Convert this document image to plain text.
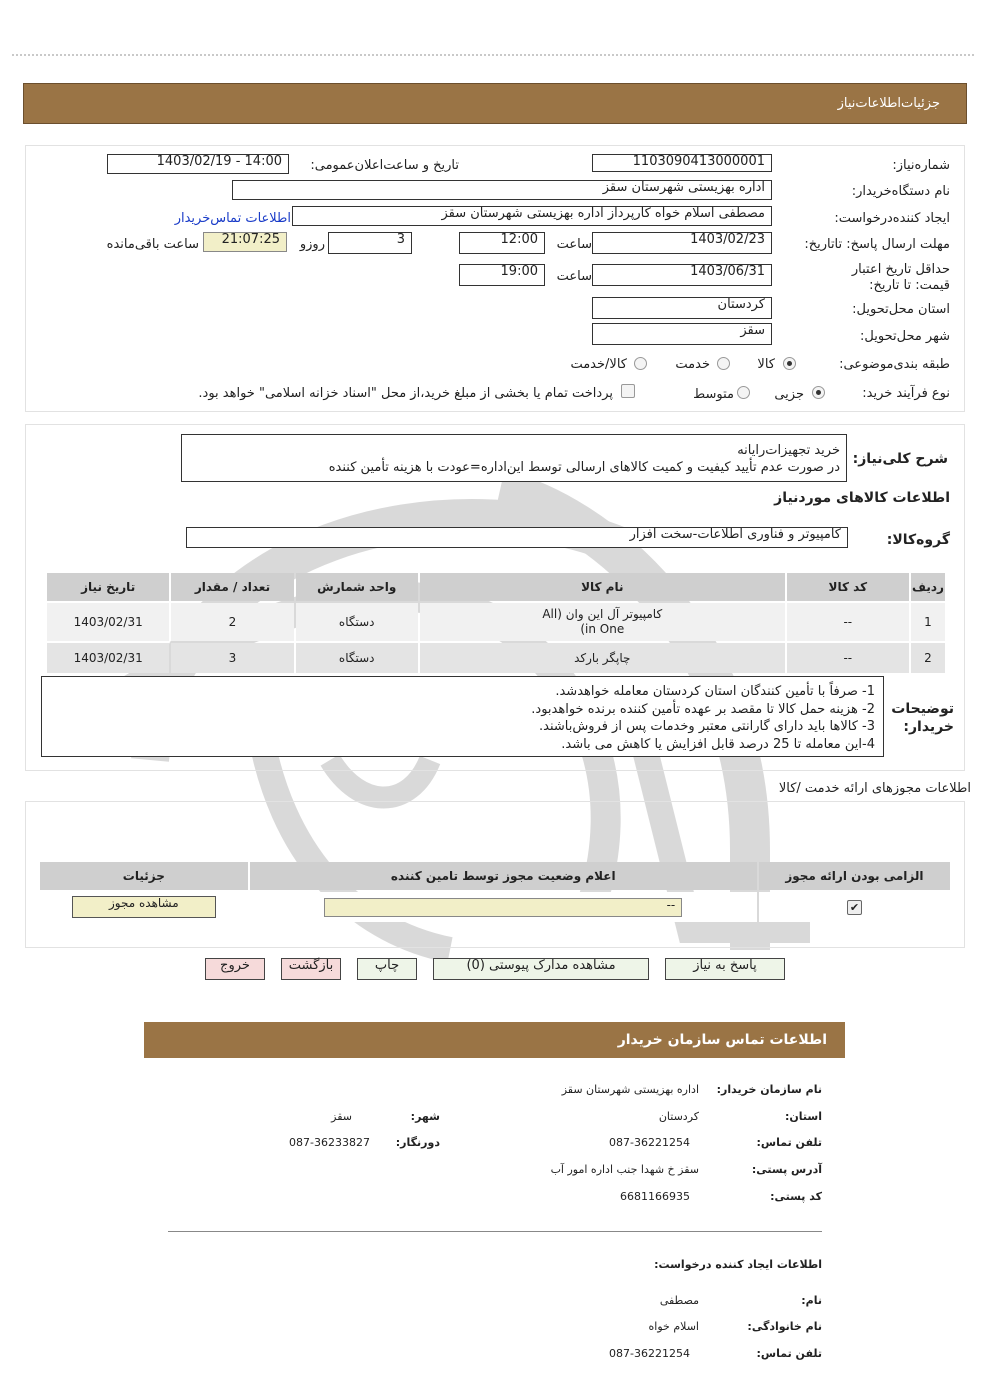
جزئیات‌اطلاعات‌نیاز
شماره‌نیاز:
1103090413000001
تاریخ و ساعت‌اعلان‌عمومی:
1403/02/19 - 14:00
نام دستگاه‌خریدار:
اداره بهزیستی شهرستان سقز
ایجاد کننده‌درخواست:
مصطفی اسلام خواه کارپرداز اداره بهزیستی شهرستان سقز
اطلاعات تماس‌خریدار
مهلت ارسال پاسخ: تاتاریخ:
1403/02/23
ساعت
12:00
3
روزو
21:07:25
ساعت باقی‌مانده
حداقل تاریخ اعتبار قیمت: تا تاریخ:
1403/06/31
ساعت
19:00
استان محل‌تحویل:
کردستان
شهر محل‌تحویل:
سقز
طبقه بندی‌موضوعی:
کالا
خدمت
کالا/خدمت
نوع فرآیند خرید:
جزیی
متوسط
پرداخت تمام یا بخشی از مبلغ خرید،از محل "اسناد خزانه اسلامی" خواهد بود.
شرح کلی‌نیاز:
خرید تجهیزات‌رایانه
در صورت عدم تأیید کیفیت و کمیت کالاهای ارسالی توسط این‌اداره=عودت با هزینه تأمین کننده
اطلاعات کالاهای مورد‌نیاز
گروه‌کالا:
کامپیوتر و فناوری اطلاعات-سخت افزار
ردیف	کد کالا	نام کالا	واحد شمارش	تعداد / مقدار	تاریخ نیاز
1	--	کامپیوتر آل این وان (All in One)	دستگاه	2	1403/02/31
2	--	چاپگر بارکد	دستگاه	3	1403/02/31
توضیحات خریدار:
1- صرفاً با تأمین کنندگان استان کردستان معامله خواهدشد.
2- هزینه حمل کالا تا مقصد بر عهده تأمین کننده برنده خواهدبود.
3- کالاها باید دارای گارانتی معتبر وخدمات پس از فروش‌باشند.
4-این معامله تا 25 درصد قابل افزایش یا کاهش می باشد.
اطلاعات مجوزهای ارائه خدمت /کالا
الزامی بودن ارائه مجوز	اعلام وضعیت مجوز توسط تامین کننده	جزئیات
✔	--	مشاهده مجوز
پاسخ به نیاز
مشاهده مدارک پیوستی (0)
چاپ
بازگشت
خروج
اطلاعات تماس سازمان خریدار
نام سازمان خریدار:
اداره بهزیستی شهرستان سقز
استان:
کردستان
شهر:
سقز
تلفن تماس:
087-36221254
دورنگار:
087-36233827
آدرس پستی:
سقز خ شهدا جنب اداره امور آب
کد پستی:
6681166935
اطلاعات ایجاد کننده درخواست:
نام:
مصطفی
نام خانوادگی:
اسلام خواه
تلفن تماس:
087-36221254
